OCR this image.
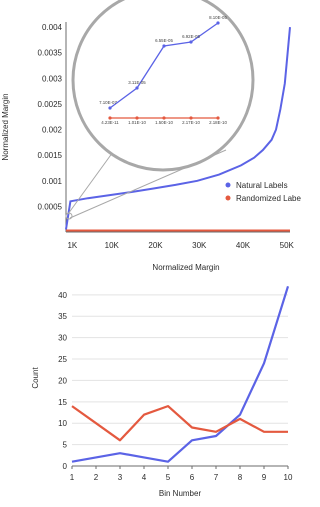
0.0005
0.001
0.0015
0.002
0.0025
0.003
0.0035
0.004
1K	10K	20K	30K	40K	50K
Normalized Margin
Normalized Margin
Natural Labels
Randomized Labe
7.10E-07
3.11E-05
6.55E-05
6.92E-05
8.10E-05
4.23E-11 1.01E-10 1.50E-10 2.17E-10 2.18E-10
0
5
10
15
20
25
30
35
40
1 2 3 4 5 6 7 8 9 10
Count
Bin Number
